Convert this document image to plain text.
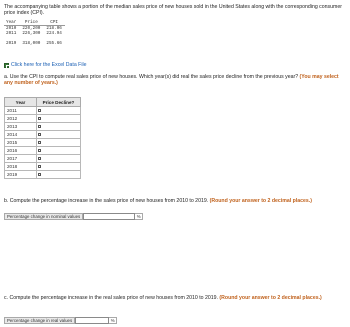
The accompanying table shows a portion of the median sales price of new houses sold in the United States along with the corresponding consumer price index (CPI).

Year	Price	CPI
2010	220,200	218.06
2011	226,300	224.94
2019	318,000	255.66
Click here for the Excel Data File

a. Use the CPI to compute real sales price of new houses. Which year(s) did real the sales price decline from the previous year? (You may select any number of years.)

Year	Price Decline?
2011	
2012	
2013	
2014	
2015	
2016	
2017	
2018	
2019	

b. Compute the percentage increase in the sales price of new houses from 2010 to 2019. (Round your answer to 2 decimal places.)

Percentage change in nominal values	%

c. Compute the percentage increase in the real sales price of new houses from 2010 to 2019. (Round your answer to 2 decimal places.)

Percentage change in real values	%
